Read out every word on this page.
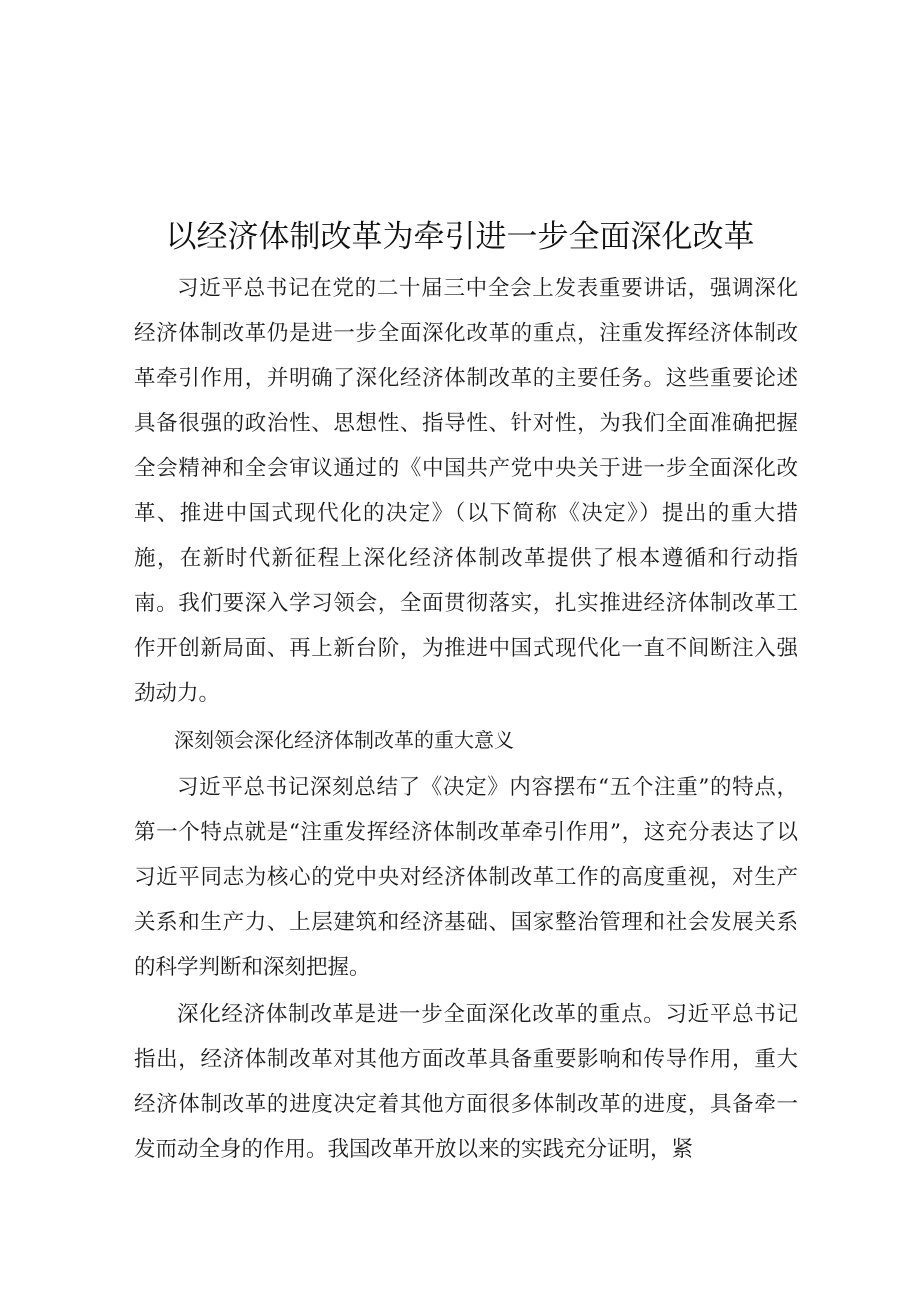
以经济体制改革为牵引进一步全面深化改革

习近平总书记在党的二十届三中全会上发表重要讲话，强调深化经济体制改革仍是进一步全面深化改革的重点，注重发挥经济体制改革牵引作用，并明确了深化经济体制改革的主要任务。这些重要论述具备很强的政治性、思想性、指导性、针对性，为我们全面准确把握全会精神和全会审议通过的《中国共产党中央关于进一步全面深化改革、推进中国式现代化的决定》（以下简称《决定》）提出的重大措施，在新时代新征程上深化经济体制改革提供了根本遵循和行动指南。我们要深入学习领会，全面贯彻落实，扎实推进经济体制改革工作开创新局面、再上新台阶，为推进中国式现代化一直不间断注入强劲动力。

深刻领会深化经济体制改革的重大意义

习近平总书记深刻总结了《决定》内容摆布“五个注重”的特点，第一个特点就是“注重发挥经济体制改革牵引作用”，这充分表达了以习近平同志为核心的党中央对经济体制改革工作的高度重视，对生产关系和生产力、上层建筑和经济基础、国家整治管理和社会发展关系的科学判断和深刻把握。

深化经济体制改革是进一步全面深化改革的重点。习近平总书记指出，经济体制改革对其他方面改革具备重要影响和传导作用，重大经济体制改革的进度决定着其他方面很多体制改革的进度，具备牵一发而动全身的作用。我国改革开放以来的实践充分证明，紧
